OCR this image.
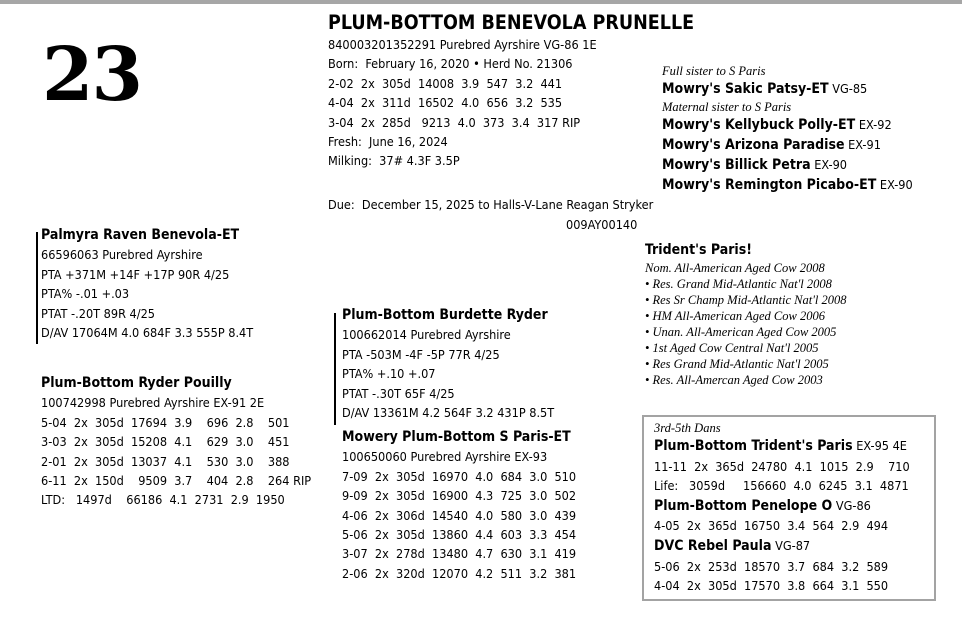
23
PLUM-BOTTOM BENEVOLA PRUNELLE
840003201352291 Purebred Ayrshire VG-86 1E
Born:  February 16, 2020 • Herd No. 21306
2-02  2x  305d  14008  3.9  547  3.2  441
4-04  2x  311d  16502  4.0  656  3.2  535
3-04  2x  285d   9213  4.0  373  3.4  317 RIP
Fresh:  June 16, 2024
Milking:  37# 4.3F 3.5P
Due:  December 15, 2025 to Halls-V-Lane Reagan Stryker
009AY00140
Full sister to S Paris
Mowry's Sakic Patsy-ET VG-85
Maternal sister to S Paris
Mowry's Kellybuck Polly-ET EX-92
Mowry's Arizona Paradise EX-91
Mowry's Billick Petra EX-90
Mowry's Remington Picabo-ET EX-90
Palmyra Raven Benevola-ET
66596063 Purebred Ayrshire
PTA +371M +14F +17P 90R 4/25
PTA% -.01 +.03
PTAT -.20T 89R 4/25
D/AV 17064M 4.0 684F 3.3 555P 8.4T
Plum-Bottom Ryder Pouilly
100742998 Purebred Ayrshire EX-91 2E
5-04  2x  305d  17694  3.9    696  2.8    501
3-03  2x  305d  15208  4.1    629  3.0    451
2-01  2x  305d  13037  4.1    530  3.0    388
6-11  2x  150d    9509  3.7    404  2.8    264 RIP
LTD:   1497d    66186  4.1  2731  2.9  1950
Plum-Bottom Burdette Ryder
100662014 Purebred Ayrshire
PTA -503M -4F -5P 77R 4/25
PTA% +.10 +.07
PTAT -.30T 65F 4/25
D/AV 13361M 4.2 564F 3.2 431P 8.5T
Mowery Plum-Bottom S Paris-ET
100650060 Purebred Ayrshire EX-93
7-09  2x  305d  16970  4.0  684  3.0  510
9-09  2x  305d  16900  4.3  725  3.0  502
4-06  2x  306d  14540  4.0  580  3.0  439
5-06  2x  305d  13860  4.4  603  3.3  454
3-07  2x  278d  13480  4.7  630  3.1  419
2-06  2x  320d  12070  4.2  511  3.2  381
Trident's Paris!
Nom. All-American Aged Cow 2008
• Res. Grand Mid-Atlantic Nat'l 2008
• Res Sr Champ Mid-Atlantic Nat'l 2008
• HM All-American Aged Cow 2006
• Unan. All-American Aged Cow 2005
• 1st Aged Cow Central Nat'l 2005
• Res Grand Mid-Atlantic Nat'l 2005
• Res. All-Amercan Aged Cow 2003
3rd-5th Dans
Plum-Bottom Trident's Paris EX-95 4E
11-11  2x  365d  24780  4.1  1015  2.9    710
Life:   3059d     156660  4.0  6245  3.1  4871
Plum-Bottom Penelope O VG-86
4-05  2x  365d  16750  3.4  564  2.9  494
DVC Rebel Paula VG-87
5-06  2x  253d  18570  3.7  684  3.2  589
4-04  2x  305d  17570  3.8  664  3.1  550
